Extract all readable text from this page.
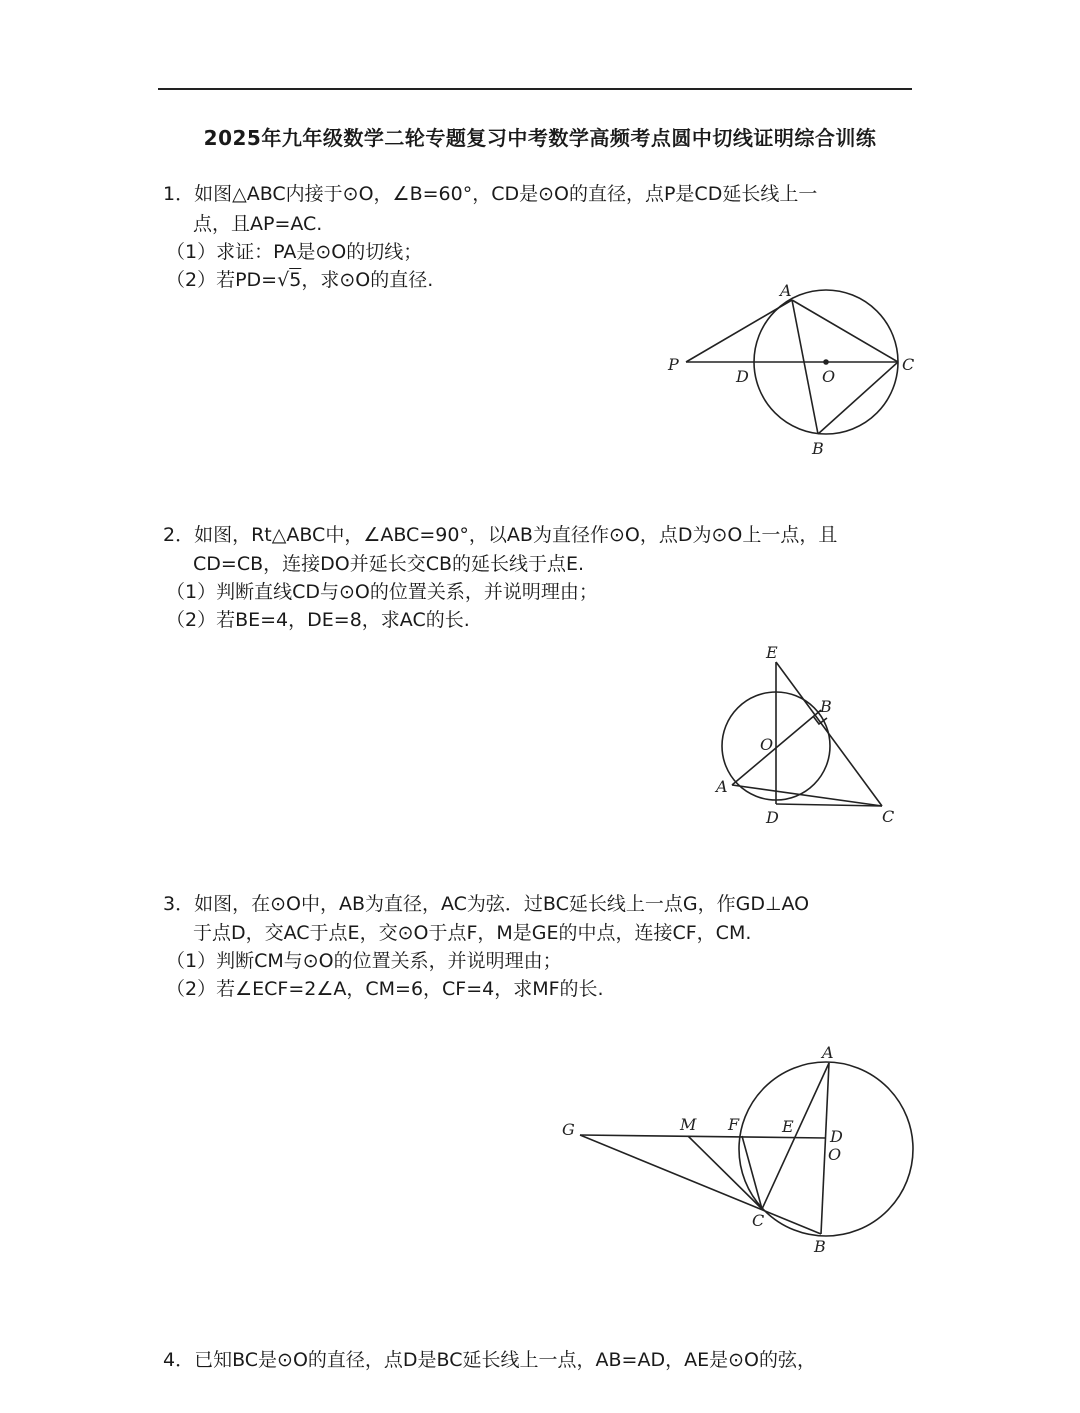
2025年九年级数学二轮专题复习中考数学高频考点圆中切线证明综合训练
1．如图△ABC内接于⊙O，∠B=60°，CD是⊙O的直径，点P是CD延长线上一
点，且AP=AC.
（1）求证：PA是⊙O的切线；
（2）若PD=√5，求⊙O的直径.	A
P
D	O
C
B
2．如图，Rt△ABC中，∠ABC=90°，以AB为直径作⊙O，点D为⊙O上一点，且
CD=CB，连接DO并延长交CB的延长线于点E.
（1）判断直线CD与⊙O的位置关系，并说明理由；
（2）若BE=4，DE=8，求AC的长.
E
B
O
A
D	C
3．如图，在⊙O中，AB为直径，AC为弦．过BC延长线上一点G，作GD⊥AO
于点D，交AC于点E，交⊙O于点F，M是GE的中点，连接CF，CM.
（1）判断CM与⊙O的位置关系，并说明理由；
（2）若∠ECF=2∠A，CM=6，CF=4，求MF的长.
A
G	M F	E
D
O
C
B
4．已知BC是⊙O的直径，点D是BC延长线上一点，AB=AD，AE是⊙O的弦，
